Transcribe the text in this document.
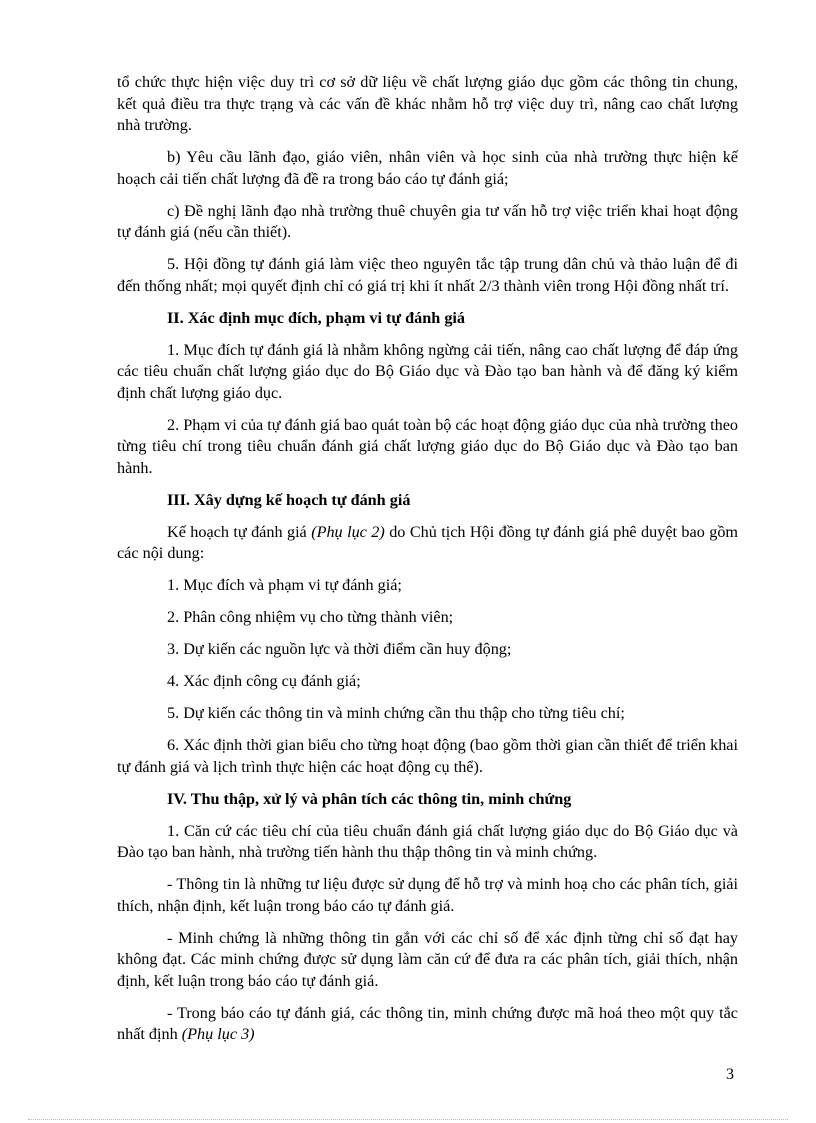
tổ chức thực hiện việc duy trì cơ sở dữ liệu về chất lượng giáo dục gồm các thông tin chung, kết quả điều tra thực trạng và các vấn đề khác nhằm hỗ trợ việc duy trì, nâng cao chất lượng nhà trường.

b) Yêu cầu lãnh đạo, giáo viên, nhân viên và học sinh của nhà trường thực hiện kế hoạch cải tiến chất lượng đã đề ra trong báo cáo tự đánh giá;

c) Đề nghị lãnh đạo nhà trường thuê chuyên gia tư vấn hỗ trợ việc triển khai hoạt động tự đánh giá (nếu cần thiết).

5. Hội đồng tự đánh giá làm việc theo nguyên tắc tập trung dân chủ và thảo luận để đi đến thống nhất; mọi quyết định chỉ có giá trị khi ít nhất 2/3 thành viên trong Hội đồng nhất trí.

II. Xác định mục đích, phạm vi tự đánh giá

1. Mục đích tự đánh giá là nhằm không ngừng cải tiến, nâng cao chất lượng để đáp ứng các tiêu chuẩn chất lượng giáo dục do Bộ Giáo dục và Đào tạo ban hành và để đăng ký kiểm định chất lượng giáo dục.

2. Phạm vi của tự đánh giá bao quát toàn bộ các hoạt động giáo dục của nhà trường theo từng tiêu chí trong tiêu chuẩn đánh giá chất lượng giáo dục do Bộ Giáo dục và Đào tạo ban hành.

III. Xây dựng kế hoạch tự đánh giá

Kế hoạch tự đánh giá (Phụ lục 2) do Chủ tịch Hội đồng tự đánh giá phê duyệt bao gồm các nội dung:

1. Mục đích và phạm vi tự đánh giá;

2. Phân công nhiệm vụ cho từng thành viên;

3. Dự kiến các nguồn lực và thời điểm cần huy động;

4. Xác định công cụ đánh giá;

5. Dự kiến các thông tin và minh chứng cần thu thập cho từng tiêu chí;

6. Xác định thời gian biểu cho từng hoạt động (bao gồm thời gian cần thiết để triển khai tự đánh giá và lịch trình thực hiện các hoạt động cụ thể).

IV. Thu thập, xử lý và phân tích các thông tin, minh chứng

1. Căn cứ các tiêu chí của tiêu chuẩn đánh giá chất lượng giáo dục do Bộ Giáo dục và Đào tạo ban hành, nhà trường tiến hành thu thập thông tin và minh chứng.

- Thông tin là những tư liệu được sử dụng để hỗ trợ và minh hoạ cho các phân tích, giải thích, nhận định, kết luận trong báo cáo tự đánh giá.

- Minh chứng là những thông tin gắn với các chỉ số để xác định từng chỉ số đạt hay không đạt. Các minh chứng được sử dụng làm căn cứ để đưa ra các phân tích, giải thích, nhận định, kết luận trong báo cáo tự đánh giá.

- Trong báo cáo tự đánh giá, các thông tin, minh chứng được mã hoá theo một quy tắc nhất định (Phụ lục 3)

3
